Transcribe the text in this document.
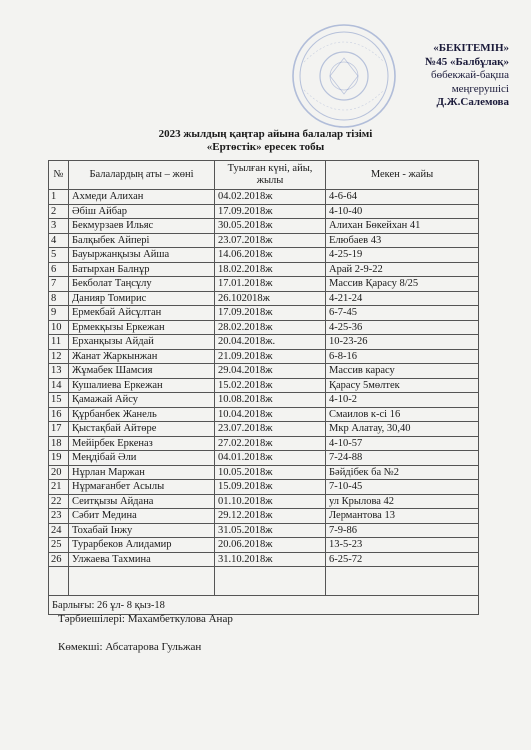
«БЕКІТЕМІН»
№45 «Балбұлақ»
бөбекжай-бақша
меңгерушісі
Д.Ж.Салемова
2023 жылдың қаңтар айына балалар тізімі
«Ертөстік» ересек тобы
№	Балалардың аты – жөні	Туылған күні, айы, жылы	Мекен - жайы
1	Ахмеди Алихан	04.02.2018ж	4-6-64
2	Әбіш Айбар	17.09.2018ж	4-10-40
3	Бекмурзаев Ильяс	30.05.2018ж	Алихан Бөкейхан 41
4	Балқыбек Айпері	23.07.2018ж	Елюбаев 43
5	Бауыржанқызы Айша	14.06.2018ж	4-25-19
6	Батырхан Балнұр	18.02.2018ж	Арай 2-9-22
7	Бекболат Таңсұлу	17.01.2018ж	Массив Қарасу 8/25
8	Данияр Томирис	26.102018ж	4-21-24
9	Ермекбай Айсұлтан	17.09.2018ж	6-7-45
10	Ермекқызы Еркежан	28.02.2018ж	4-25-36
11	Ерханқызы Айдай	20.04.2018ж.	10-23-26
12	Жанат Жаркынжан	21.09.2018ж	6-8-16
13	Жұмабек Шамсия	29.04.2018ж	Массив карасу
14	Кушалиева Еркежан	15.02.2018ж	Қарасу 5мөлтек
15	Қамажай Айсу	10.08.2018ж	4-10-2
16	Құрбанбек Жанель	10.04.2018ж	Смаилов к-сі 16
17	Қыстақбай Айтөре	23.07.2018ж	Мкр Алатау, 30,40
18	Мейірбек Еркеназ	27.02.2018ж	4-10-57
19	Меңдібай Әли	04.01.2018ж	7-24-88
20	Нұрлан Маржан	10.05.2018ж	Бәйдібек ба №2
21	Нұрмағанбет Асылы	15.09.2018ж	7-10-45
22	Сеитқызы Айдана	01.10.2018ж	ул Крылова 42
23	Сәбит Медина	29.12.2018ж	Лермантова 13
24	Тохабай Інжу	31.05.2018ж	7-9-86
25	Турарбеков Алидамир	20.06.2018ж	13-5-23
26	Улжаева Тахмина	31.10.2018ж	6-25-72

Барлығы: 26 ұл- 8 қыз-18			
Тәрбиешілері: Махамбеткулова Анар
Көмекші: Абсатарова Гульжан
